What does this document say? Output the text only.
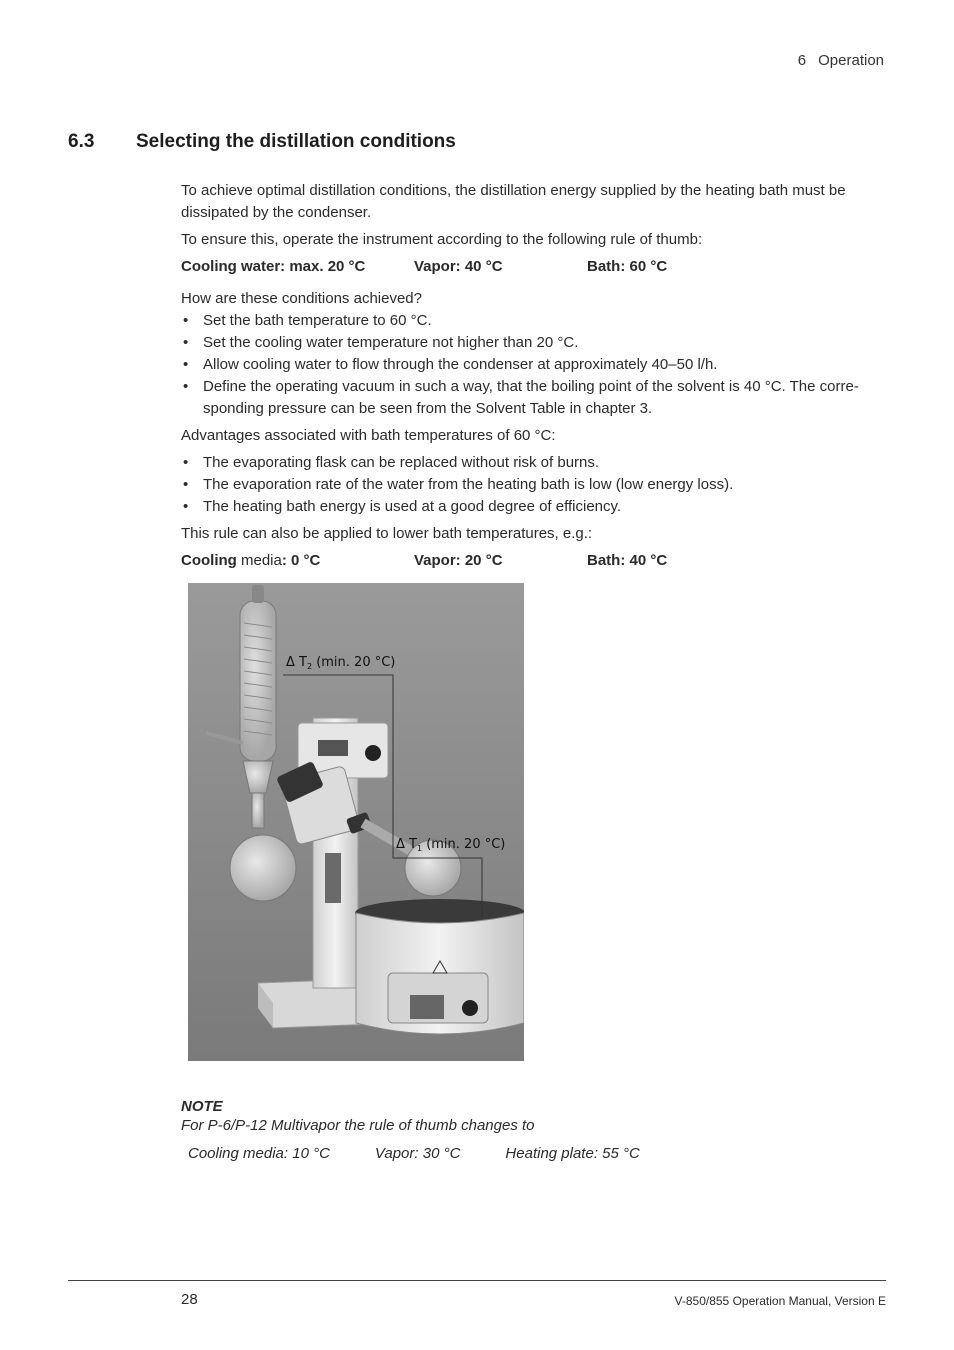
6 Operation
6.3 Selecting the distillation conditions

To achieve optimal distillation conditions, the distillation energy supplied by the heating bath must be dissipated by the condenser.

To ensure this, operate the instrument according to the following rule of thumb:

Cooling water: max. 20 °C	Vapor: 40 °C	Bath: 60 °C

How are these conditions achieved?

• Set the bath temperature to 60 °C.
• Set the cooling water temperature not higher than 20 °C.
• Allow cooling water to flow through the condenser at approximately 40–50 l/h.
• Define the operating vacuum in such a way, that the boiling point of the solvent is 40 °C. The corresponding pressure can be seen from the Solvent Table in chapter 3.

Advantages associated with bath temperatures of 60 °C:

• The evaporating flask can be replaced without risk of burns.
• The evaporation rate of the water from the heating bath is low (low energy loss).
• The heating bath energy is used at a good degree of efficiency.

This rule can also be applied to lower bath temperatures, e.g.:

Cooling media: 0 °C	Vapor: 20 °C	Bath: 40 °C
Δ $T_2$ (min. 20 °C)
Δ $T_1$ (min. 20 °C)
NOTE
For P-6/P-12 Multivapor the rule of thumb changes to
Cooling media: 10 °C	Vapor: 30 °C	Heating plate: 55 °C
28	V-850/855 Operation Manual, Version E
